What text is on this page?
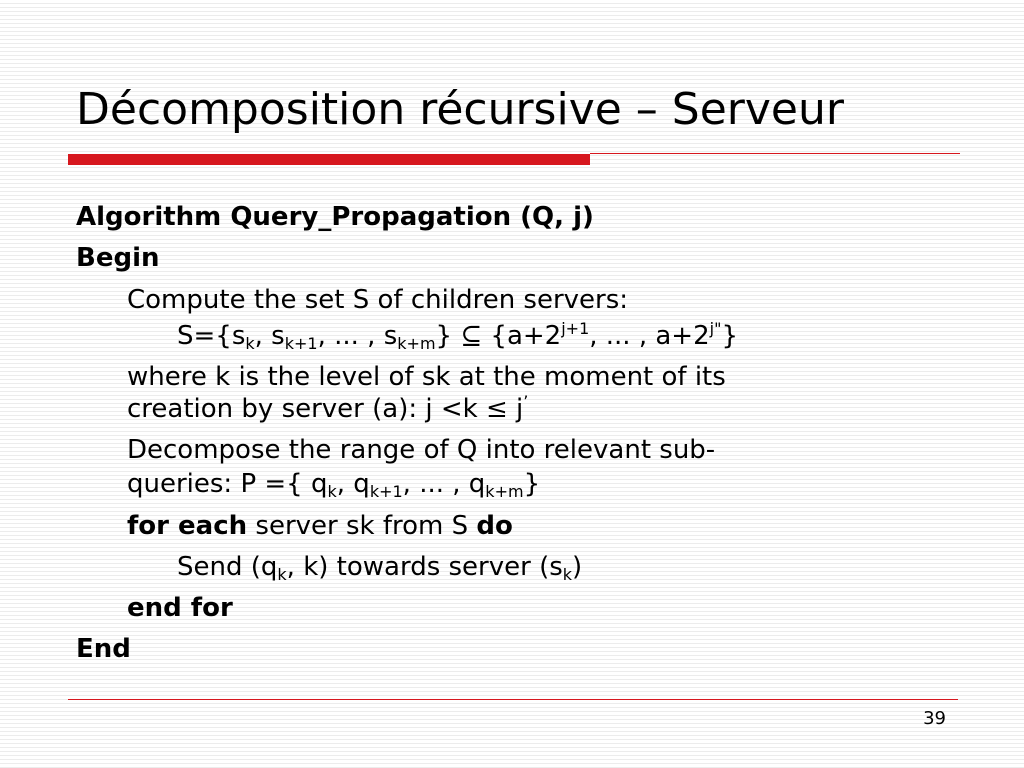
Décomposition récursive – Serveur
Algorithm Query_Propagation (Q, j)
Begin
Compute the set S of children servers:
$S=\{s_k$, $s_{k+1}$, ... , $s_{k+m}$} ⊆ {$a+2^{j+1}$, ... , $a+2^{j"}$}
where k is the level of sk at the moment of its
creation by server (a): j <k ≤ j’
Decompose the range of Q into relevant sub-
queries: P ={ $q_k$, $q_{k+1}$, ... , $q_{k+m}$}
for each server sk from S do
Send ($q_k$, k) towards server $(s_k)$
end for
End
39
